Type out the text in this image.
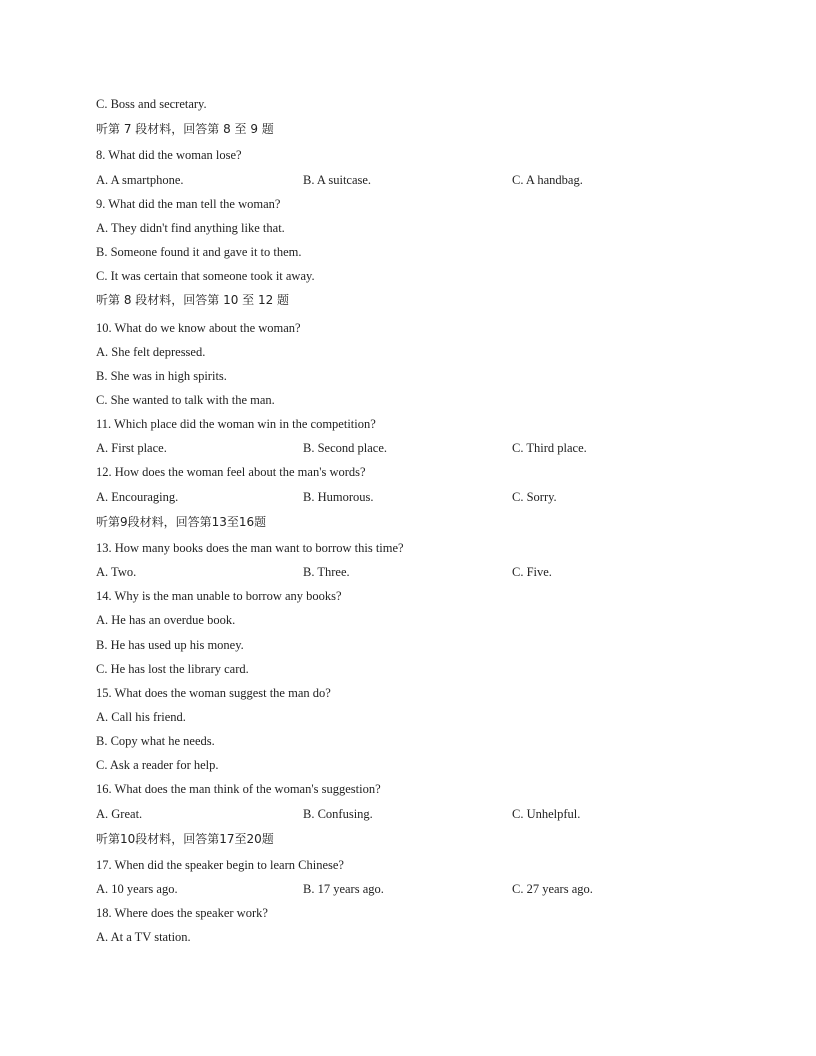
C. Boss and secretary.
听第 7 段材料，回答第 8 至 9 题
8. What did the woman lose?
A. A smartphone.	B. A suitcase.	C. A handbag.
9. What did the man tell the woman?
A. They didn't find anything like that.
B. Someone found it and gave it to them.
C. It was certain that someone took it away.
听第 8 段材料，回答第 10 至 12 题
10. What do we know about the woman?
A. She felt depressed.
B. She was in high spirits.
C. She wanted to talk with the man.
11. Which place did the woman win in the competition?
A. First place.	B. Second place.	C. Third place.
12. How does the woman feel about the man's words?
A. Encouraging.	B. Humorous.	C. Sorry.
听第9段材料，回答第13至16题
13. How many books does the man want to borrow this time?
A. Two.	B. Three.	C. Five.
14. Why is the man unable to borrow any books?
A. He has an overdue book.
B. He has used up his money.
C. He has lost the library card.
15. What does the woman suggest the man do?
A. Call his friend.
B. Copy what he needs.
C. Ask a reader for help.
16. What does the man think of the woman's suggestion?
A. Great.	B. Confusing.	C. Unhelpful.
听第10段材料，回答第17至20题
17. When did the speaker begin to learn Chinese?
A. 10 years ago.	B. 17 years ago.	C. 27 years ago.
18. Where does the speaker work?
A. At a TV station.
